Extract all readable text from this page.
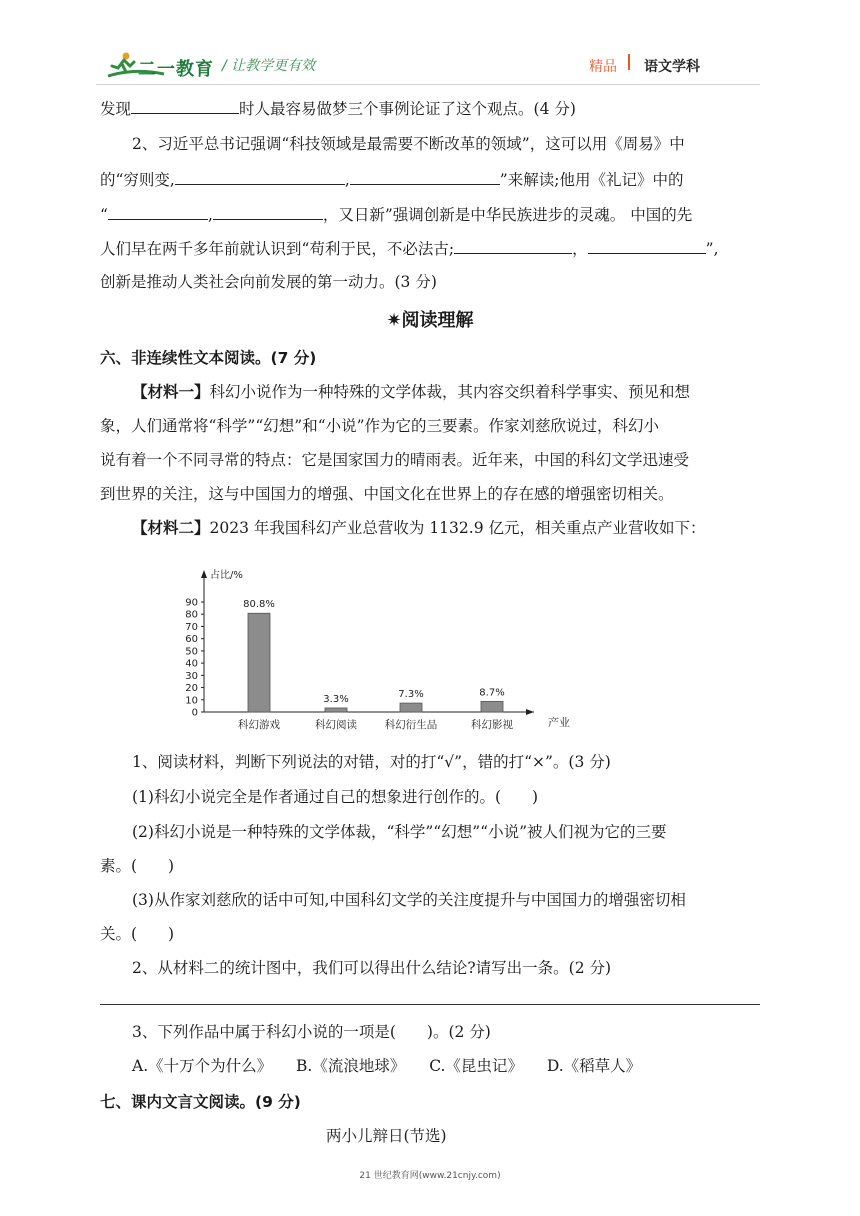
二一教育 / 让教学更有效	精品 语文学科
发现	时人最容易做梦三个事例论证了这个观点。(4 分)
2、习近平总书记强调“科技领域是最需要不断改革的领域”，这可以用《周易》中
的“穷则变,	,	”来解读;他用《礼记》中的
“	,	，又日新”强调创新是中华民族进步的灵魂。 中国的先
人们早在两千多年前就认识到“苟利于民，不必法古;	，	”,
创新是推动人类社会向前发展的第一动力。(3 分)
✷阅读理解
六、非连续性文本阅读。(7 分)
【材料一】科幻小说作为一种特殊的文学体裁，其内容交织着科学事实、预见和想
象，人们通常将“科学”“幻想”和“小说”作为它的三要素。作家刘慈欣说过，科幻小
说有着一个不同寻常的特点：它是国家国力的晴雨表。近年来，中国的科幻文学迅速受
到世界的关注，这与中国国力的增强、中国文化在世界上的存在感的增强密切相关。
【材料二】2023 年我国科幻产业总营收为 1132.9 亿元，相关重点产业营收如下：
占比/%
产业
0
10
20
30
40
50
60
70
80
90	80.8%
科幻游戏
3.3%
科幻阅读
7.3%
科幻衍生品
8.7%
科幻影视
1、阅读材料，判断下列说法的对错，对的打“√”，错的打“×”。(3 分)
(1)科幻小说完全是作者通过自己的想象进行创作的。(　　)
(2)科幻小说是一种特殊的文学体裁，“科学”“幻想”“小说”被人们视为它的三要
素。(　　)
(3)从作家刘慈欣的话中可知,中国科幻文学的关注度提升与中国国力的增强密切相
关。(　　)
2、从材料二的统计图中，我们可以得出什么结论?请写出一条。(2 分)
3、下列作品中属于科幻小说的一项是(　　)。(2 分)
A.《十万个为什么》 B.《流浪地球》 C.《昆虫记》 D.《稻草人》
七、课内文言文阅读。(9 分)
两小儿辩日(节选)
21 世纪教育网(www.21cnjy.com)
